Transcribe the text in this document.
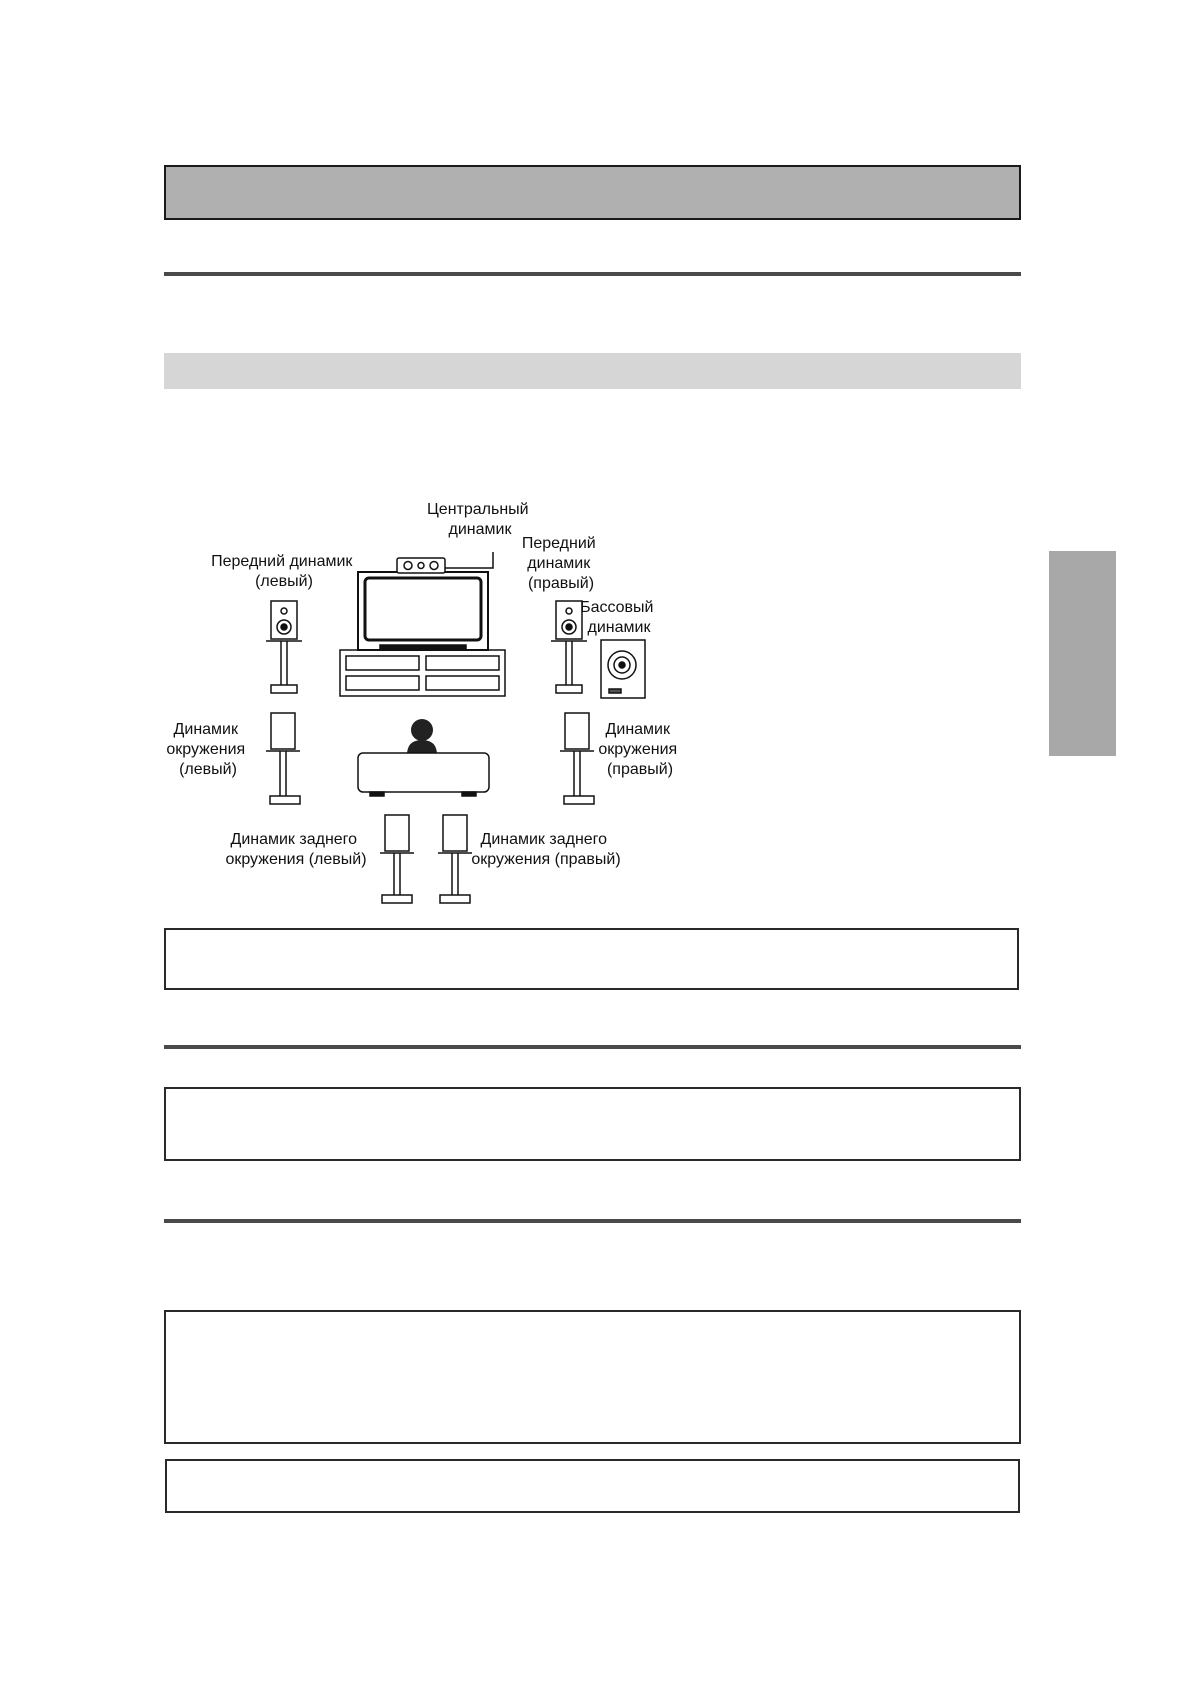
Центральный динамик
Передний динамик (левый)
Передний динамик (правый)
Бассовый динамик
Динамик окружения (левый)
Динамик окружения (правый)
Динамик заднего окружения (левый)
Динамик заднего окружения (правый)
